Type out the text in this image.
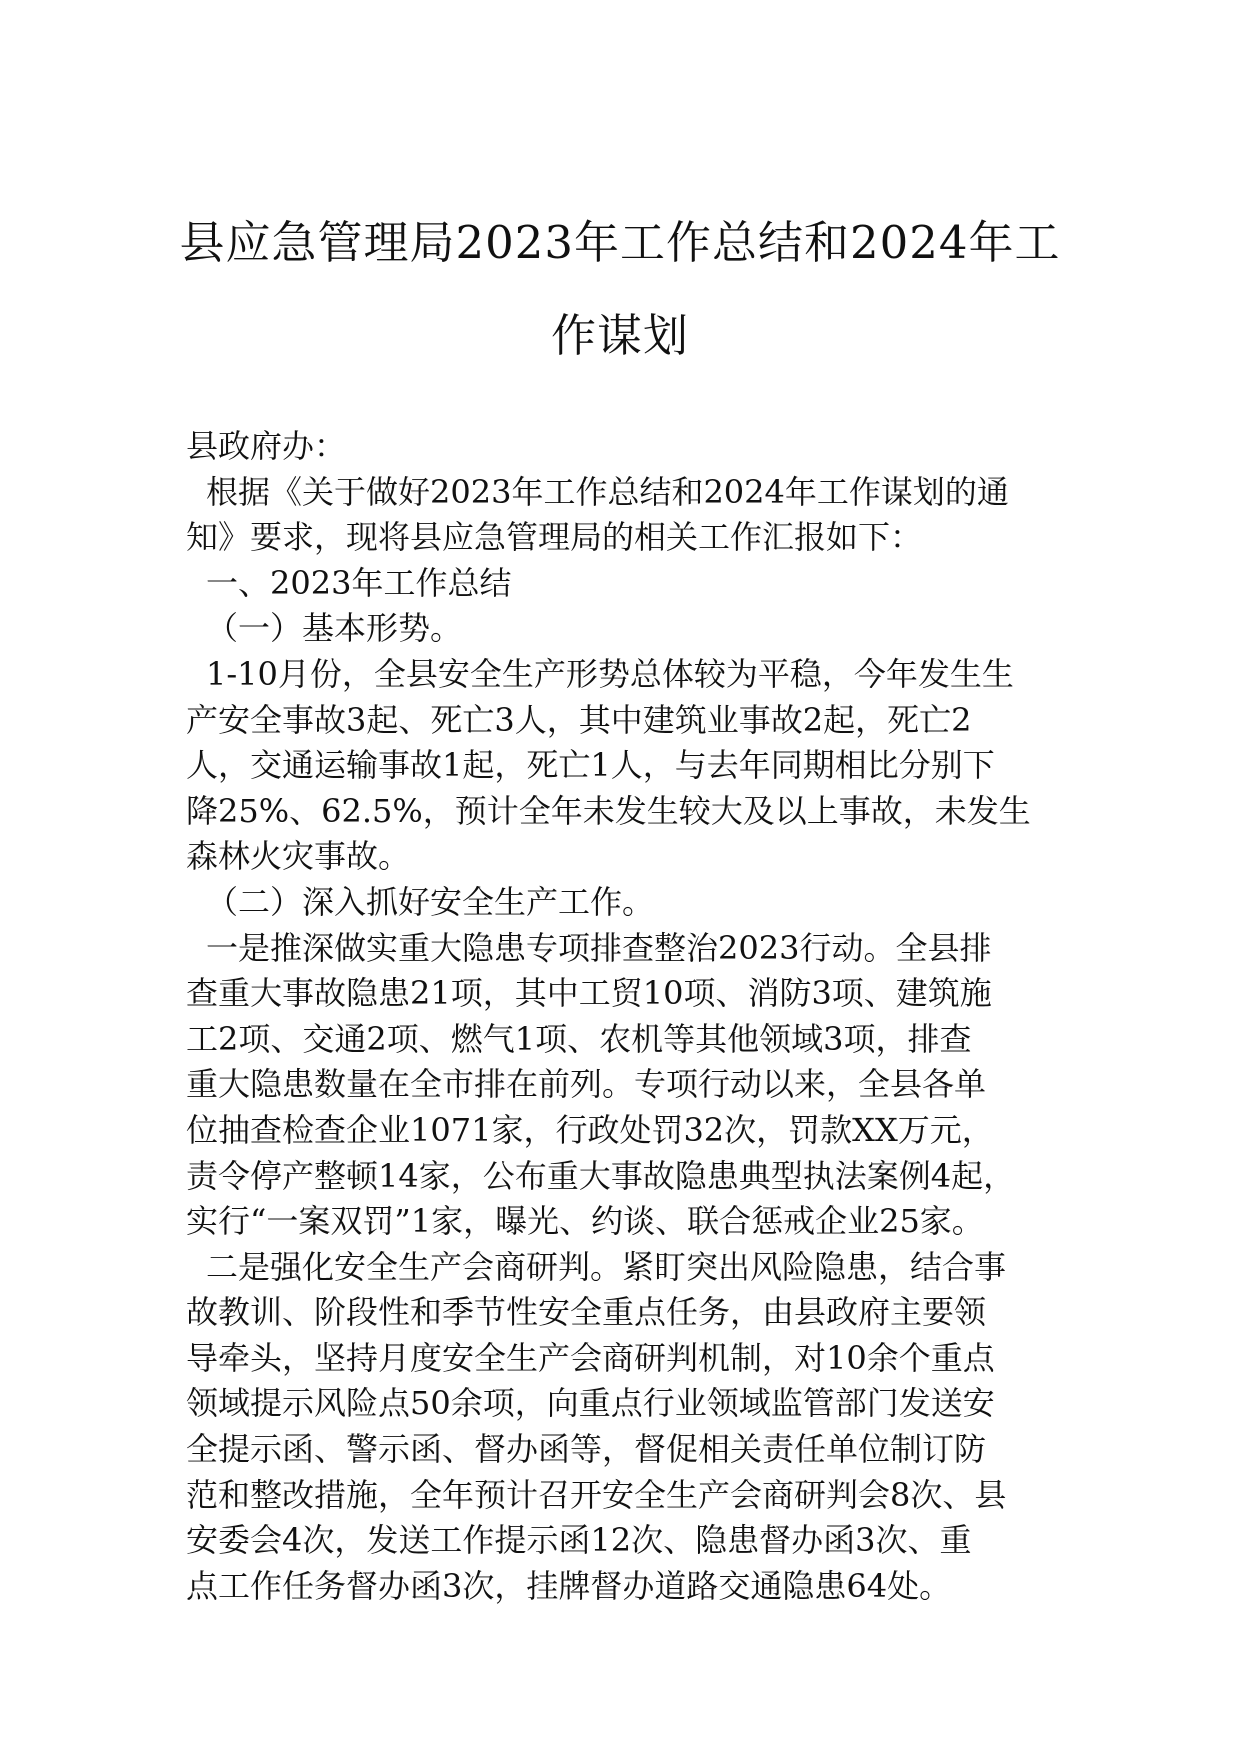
县应急管理局2023年工作总结和2024年工
作谋划

县政府办：

根据《关于做好2023年工作总结和2024年工作谋划的通

知》要求，现将县应急管理局的相关工作汇报如下：

一、2023年工作总结

（一）基本形势。

1-10月份，全县安全生产形势总体较为平稳，今年发生生

产安全事故3起、死亡3人，其中建筑业事故2起，死亡2

人，交通运输事故1起，死亡1人，与去年同期相比分别下

降25%、62.5%，预计全年未发生较大及以上事故，未发生

森林火灾事故。

（二）深入抓好安全生产工作。

一是推深做实重大隐患专项排查整治2023行动。全县排

查重大事故隐患21项，其中工贸10项、消防3项、建筑施

工2项、交通2项、燃气1项、农机等其他领域3项，排查

重大隐患数量在全市排在前列。专项行动以来，全县各单

位抽查检查企业1071家，行政处罚32次，罚款XX万元，

责令停产整顿14家，公布重大事故隐患典型执法案例4起，

实行“一案双罚”1家，曝光、约谈、联合惩戒企业25家。

二是强化安全生产会商研判。紧盯突出风险隐患，结合事

故教训、阶段性和季节性安全重点任务，由县政府主要领

导牵头，坚持月度安全生产会商研判机制，对10余个重点

领域提示风险点50余项，向重点行业领域监管部门发送安

全提示函、警示函、督办函等，督促相关责任单位制订防

范和整改措施，全年预计召开安全生产会商研判会8次、县

安委会4次，发送工作提示函12次、隐患督办函3次、重

点工作任务督办函3次，挂牌督办道路交通隐患64处。
